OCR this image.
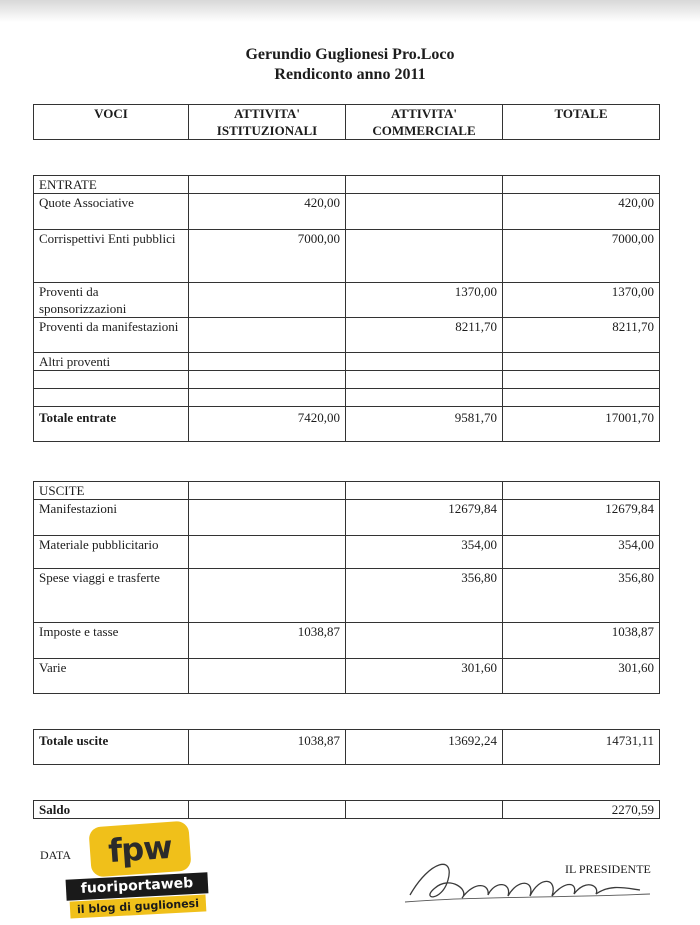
Gerundio Guglionesi Pro.Loco
Rendiconto anno 2011
VOCI	ATTIVITA' ISTITUZIONALI	ATTIVITA' COMMERCIALE	TOTALE
ENTRATE			
Quote Associative	420,00		420,00
Corrispettivi Enti pubblici	7000,00		7000,00
Proventi da sponsorizzazioni		1370,00	1370,00
Proventi da manifestazioni		8211,70	8211,70
Altri proventi			

Totale entrate	7420,00	9581,70	17001,70
USCITE			
Manifestazioni		12679,84	12679,84
Materiale pubblicitario		354,00	354,00
Spese viaggi e trasferte		356,80	356,80
Imposte e tasse	1038,87		1038,87
Varie		301,60	301,60
Totale uscite	1038,87	13692,24	14731,11
Saldo			2270,59
DATA
IL PRESIDENTE
fpw
fuoriportaweb
il blog di guglionesi
